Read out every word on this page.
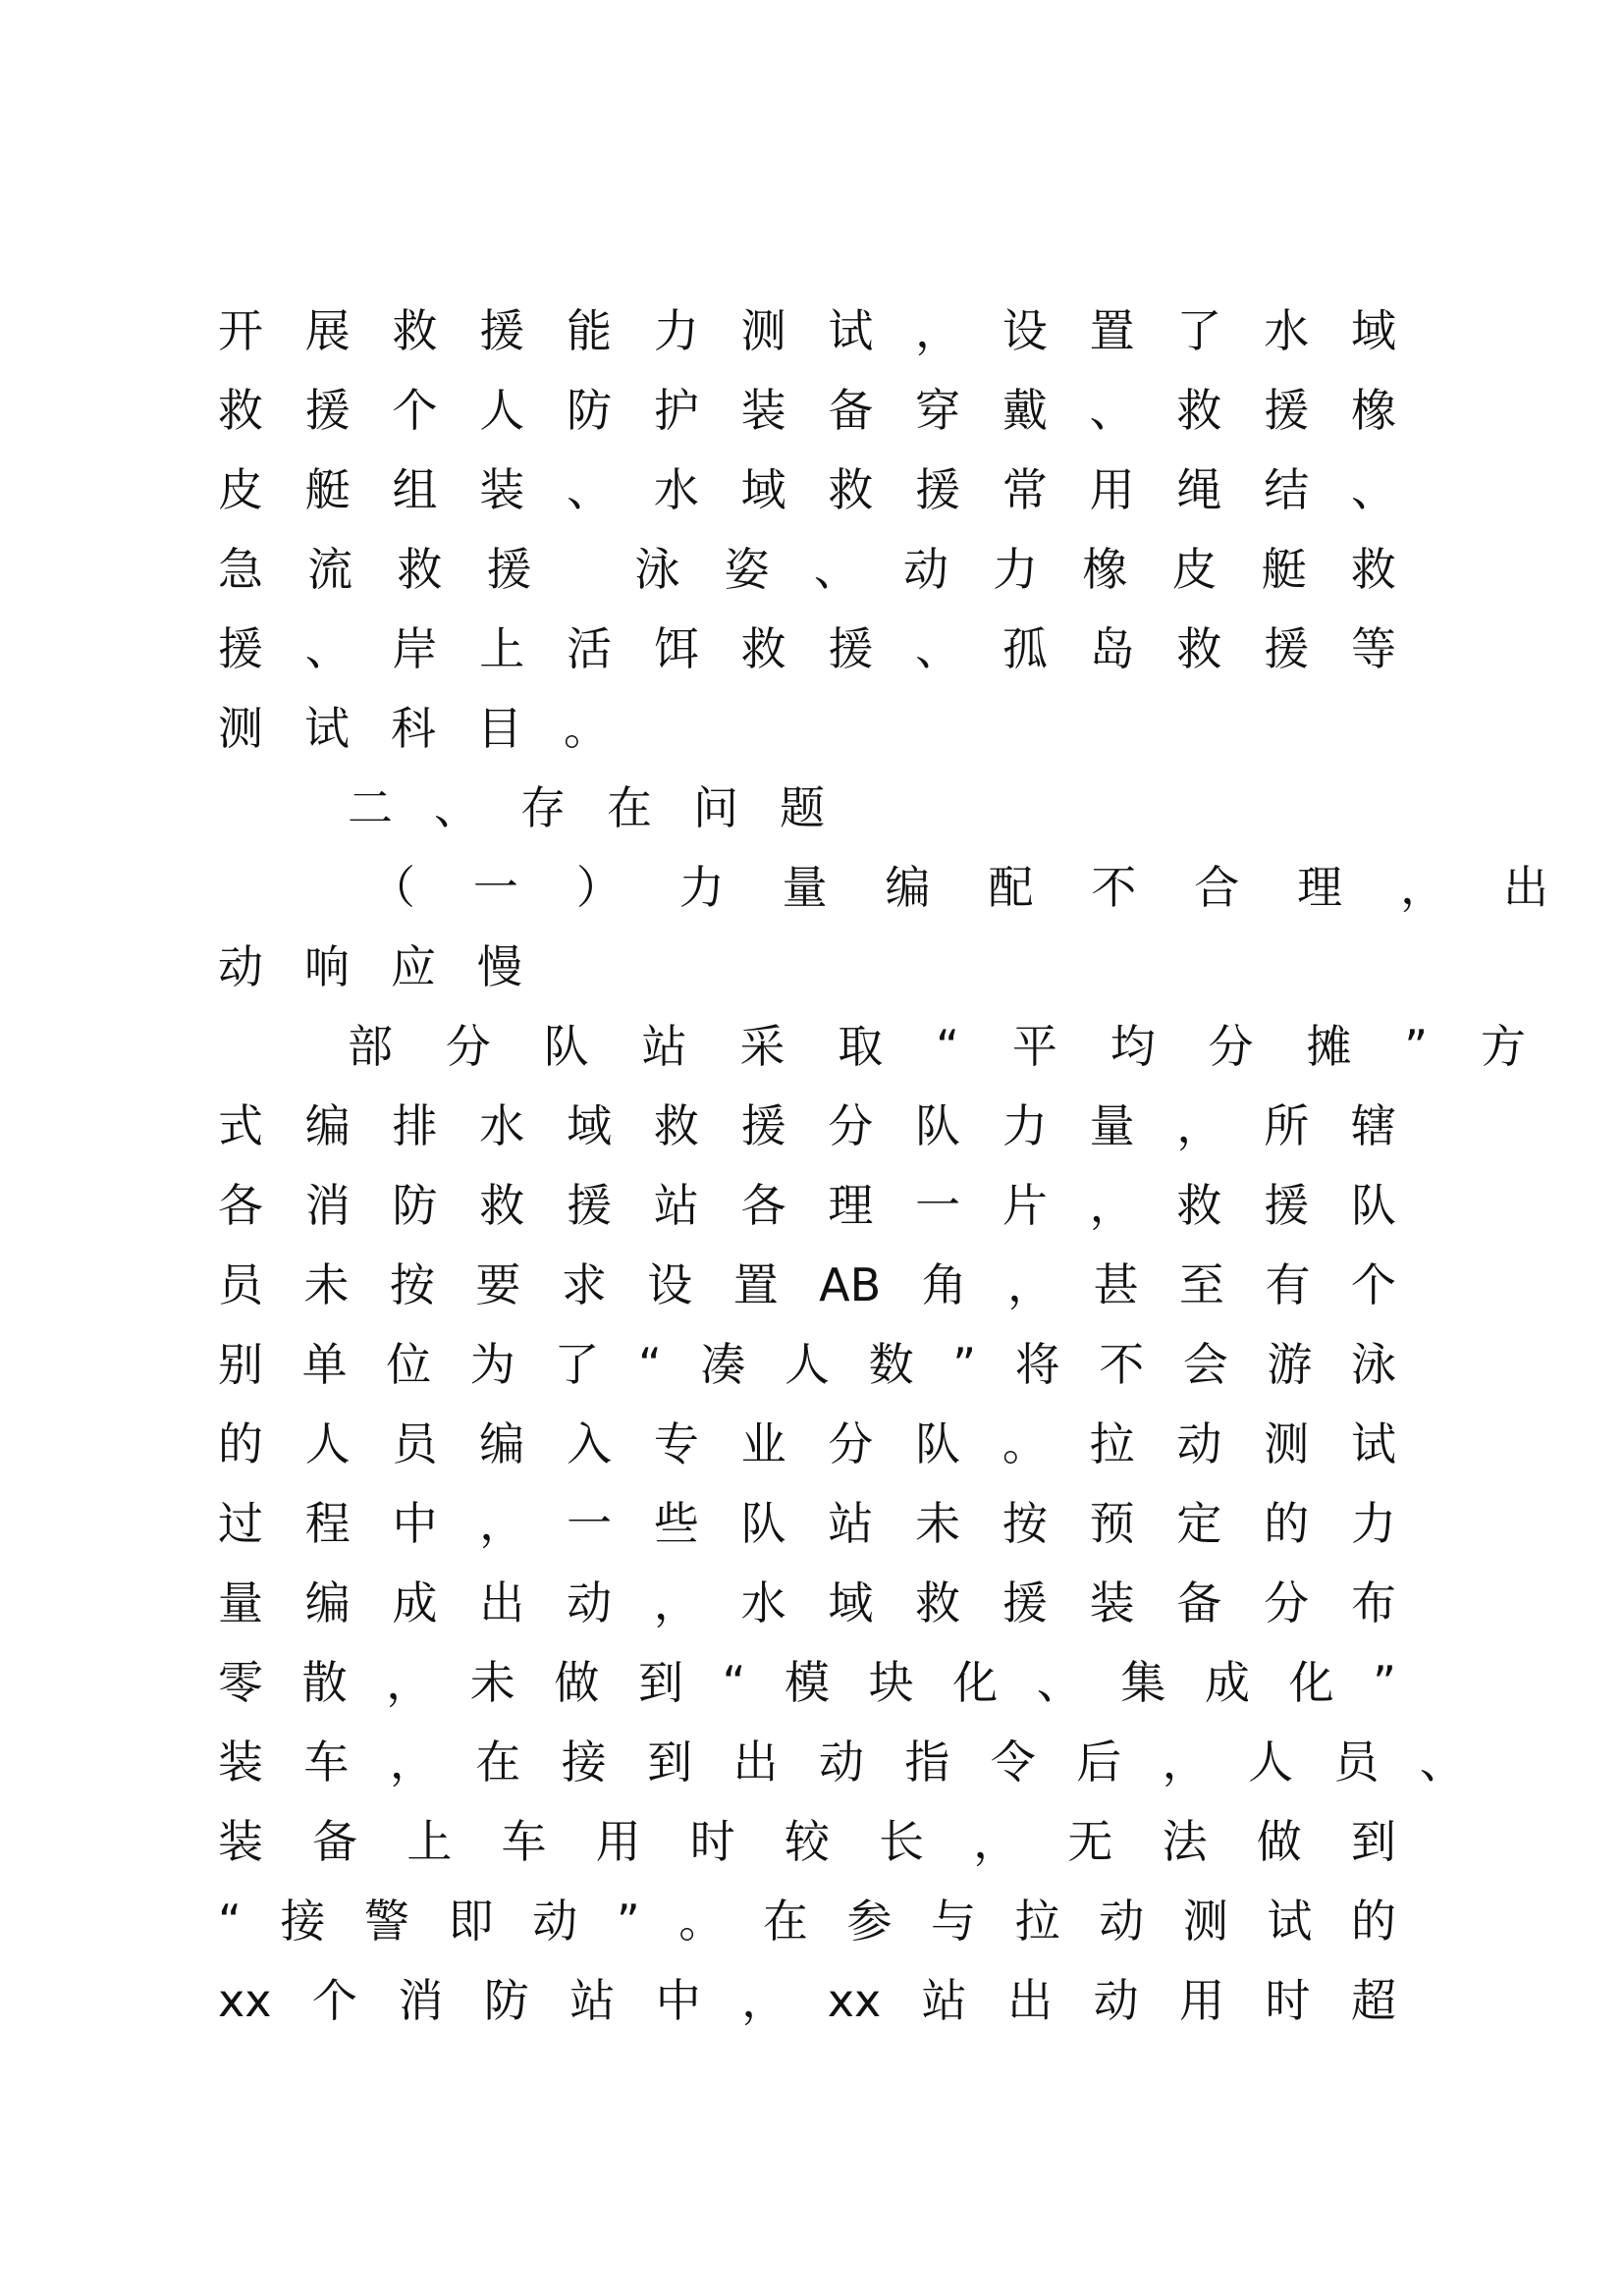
开 展 救 援 能 力 测 试 ， 设 置 了 水 域

救 援 个 人 防 护 装 备 穿 戴 、 救 援 橡

皮 艇 组 装 、 水 域 救 援 常 用 绳 结 、

急 流 救 援
泳 姿 、 动 力 橡 皮 艇 救

援 、 岸 上 活 饵 救 援 、 孤 岛 救 援 等

测试科目。

二、存在问题

（ 一 ） 力 量 编 配 不 合 理 ， 出

动响应慢

部 分 队 站 采 取 “ 平 均 分 摊 ” 方

式 编 排 水 域 救 援 分 队 力 量 ， 所 辖

各 消 防 救 援 站 各 理 一 片 ， 救 援 队

员 未 按 要 求 设 置 AB 角 ， 甚 至 有 个

别 单 位 为 了 “ 凑 人 数 ” 将 不 会 游 泳

的 人 员 编 入 专 业 分 队 。 拉 动 测 试

过 程 中 ， 一 些 队 站 未 按 预 定 的 力

量 编 成 出 动 ， 水 域 救 援 装 备 分 布

零 散 ， 未 做 到 “ 模 块 化 、 集 成 化 ”

装 车 ， 在 接 到 出 动 指 令 后 ， 人 员 、

装 备 上 车 用 时 较 长 ， 无 法 做 到

“ 接 警 即 动 ” 。 在 参 与 拉 动 测 试 的

xx 个 消 防 站 中 ， xx 站 出 动 用 时 超
